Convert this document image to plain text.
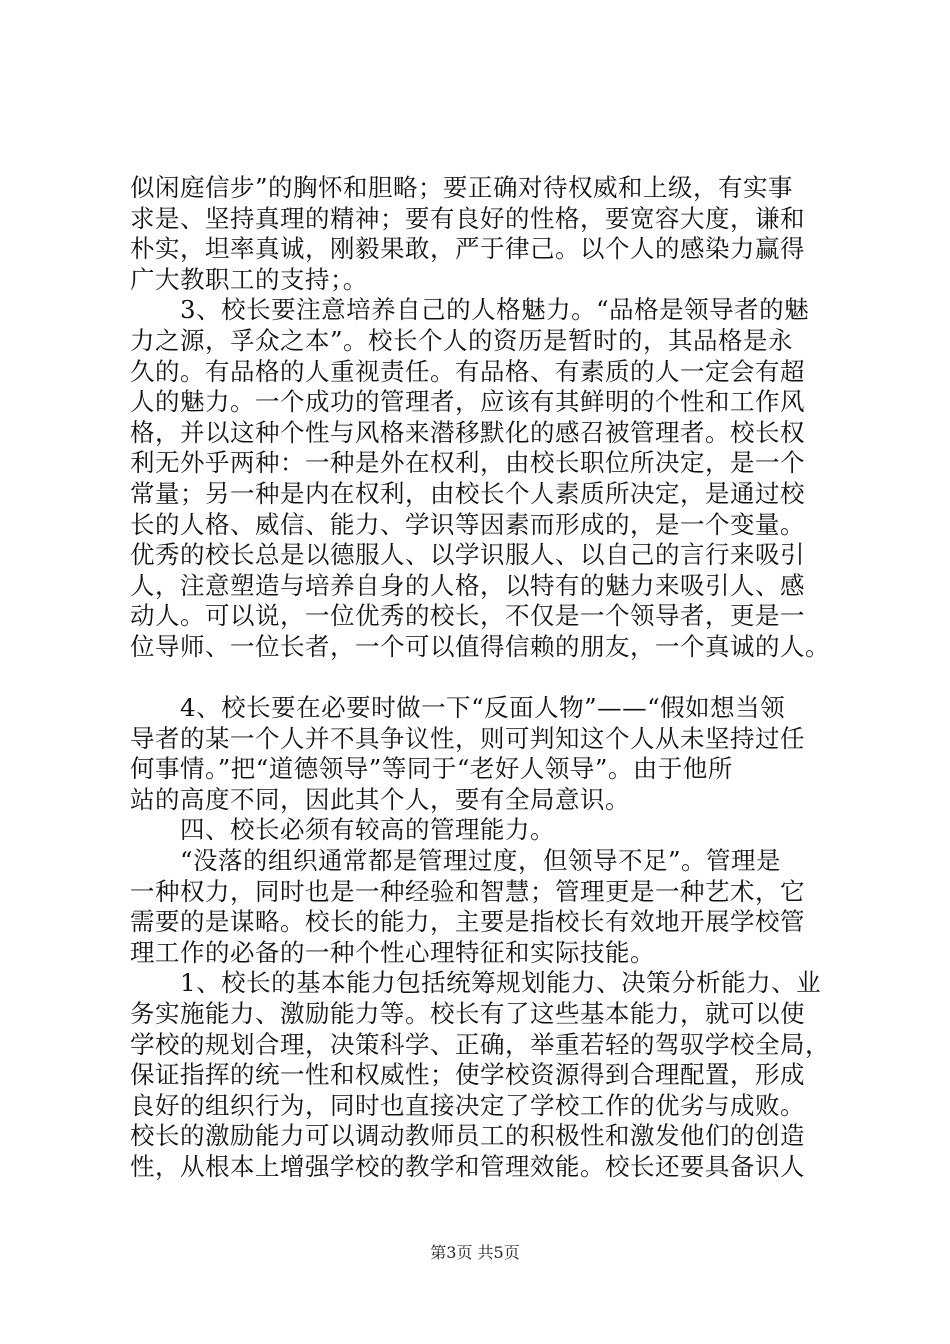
似闲庭信步”的胸怀和胆略；要正确对待权威和上级，有实事
求是、坚持真理的精神；要有良好的性格，要宽容大度，谦和
朴实，坦率真诚，刚毅果敢，严于律己。以个人的感染力赢得
广大教职工的支持；。
　　3、校长要注意培养自己的人格魅力。“品格是领导者的魅
力之源，孚众之本”。校长个人的资历是暂时的，其品格是永
久的。有品格的人重视责任。有品格、有素质的人一定会有超
人的魅力。一个成功的管理者，应该有其鲜明的个性和工作风
格，并以这种个性与风格来潜移默化的感召被管理者。校长权
利无外乎两种：一种是外在权利，由校长职位所决定，是一个
常量；另一种是内在权利，由校长个人素质所决定，是通过校
长的人格、威信、能力、学识等因素而形成的，是一个变量。
优秀的校长总是以德服人、以学识服人、以自己的言行来吸引
人，注意塑造与培养自身的人格，以特有的魅力来吸引人、感
动人。可以说，一位优秀的校长，不仅是一个领导者，更是一
位导师、一位长者，一个可以值得信赖的朋友，一个真诚的人。
　　4、校长要在必要时做一下“反面人物”——“假如想当领
导者的某一个人并不具争议性，则可判知这个人从未坚持过任
何事情。”把“道德领导”等同于“老好人领导”。由于他所
站的高度不同，因此其个人，要有全局意识。
　　四、校长必须有较高的管理能力。
　　“没落的组织通常都是管理过度，但领导不足”。管理是
一种权力，同时也是一种经验和智慧；管理更是一种艺术，它
需要的是谋略。校长的能力，主要是指校长有效地开展学校管
理工作的必备的一种个性心理特征和实际技能。
　　1、校长的基本能力包括统筹规划能力、决策分析能力、业
务实施能力、激励能力等。校长有了这些基本能力，就可以使
学校的规划合理，决策科学、正确，举重若轻的驾驭学校全局，
保证指挥的统一性和权威性；使学校资源得到合理配置，形成
良好的组织行为，同时也直接决定了学校工作的优劣与成败。
校长的激励能力可以调动教师员工的积极性和激发他们的创造
性，从根本上增强学校的教学和管理效能。校长还要具备识人
第3页 共5页
